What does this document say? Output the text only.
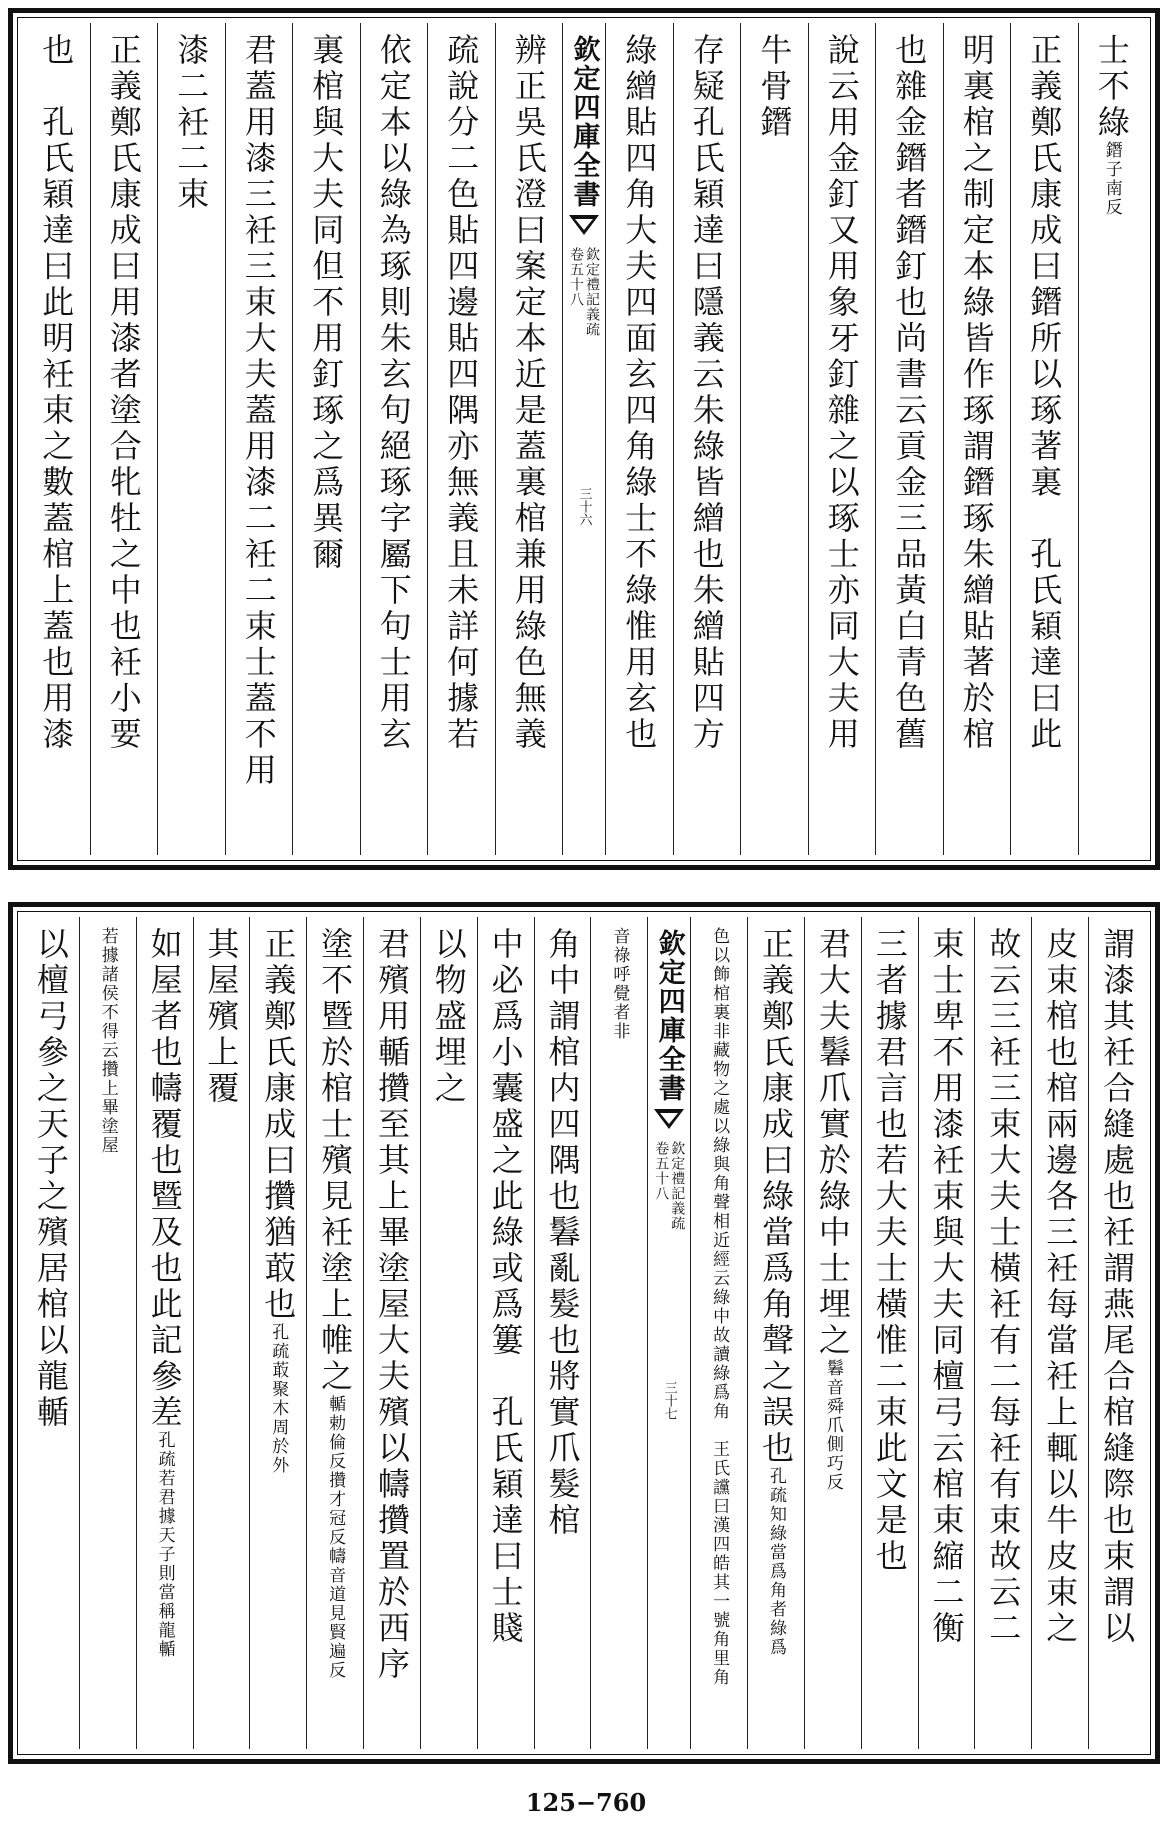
士不綠鐕子南反
正義鄭氏康成曰鐕所以琢著裏　孔氏穎達曰此
明裏棺之制定本綠皆作琢謂鐕琢朱繒貼著於棺
也雜金鐕者鐕釘也尚書云貢金三品黃白青色舊
說云用金釘又用象牙釘雜之以琢士亦同大夫用
牛骨鐕
存疑孔氏穎達曰隱義云朱綠皆繒也朱繒貼四方
綠繒貼四角大夫四面玄四角綠士不綠惟用玄也
欽定四庫全書
欽定禮記義疏
卷五十八
三十六
辨正吳氏澄曰案定本近是蓋裏棺兼用綠色無義
疏說分二色貼四邊貼四隅亦無義且未詳何據若
依定本以綠為琢則朱玄句絕琢字屬下句士用玄
裏棺與大夫同但不用釘琢之爲異爾
君蓋用漆三衽三束大夫蓋用漆二衽二束士蓋不用
漆二衽二束
正義鄭氏康成曰用漆者塗合牝牡之中也衽小要
也　孔氏穎達曰此明衽束之數蓋棺上蓋也用漆
謂漆其衽合縫處也衽謂燕尾合棺縫際也束謂以
皮束棺也棺兩邊各三衽每當衽上輒以牛皮束之
故云三衽三束大夫士橫衽有二每衽有束故云二
束士卑不用漆衽束與大夫同檀弓云棺束縮二衡
三者據君言也若大夫士橫惟二束此文是也
君大夫鬊爪實於綠中士埋之鬊音舜爪側巧反
正義鄭氏康成曰綠當爲角聲之誤也孔疏知綠當爲角者綠爲
色以飾棺裏非藏物之處以綠與角聲相近經云綠中故讀綠爲角　王氏讜曰漢四皓其一號角里角
欽定四庫全書
欽定禮記義疏
卷五十八
三十七
音祿呼覺者非
角中謂棺内四隅也鬊亂髮也將實爪髮棺
中必爲小囊盛之此綠或爲簍　孔氏穎達曰士賤
以物盛埋之
君殯用輴攢至其上畢塗屋大夫殯以幬攢置於西序
塗不暨於棺士殯見衽塗上帷之輴勅倫反攢才冠反幬音道見賢遍反
正義鄭氏康成曰攢猶菆也孔疏菆聚木周於外
其屋殯上覆
如屋者也幬覆也暨及也此記參差孔疏若君據天子則當稱龍輴
若據諸侯不得云攢上畢塗屋
以檀弓參之天子之殯居棺以龍輴
125−760
